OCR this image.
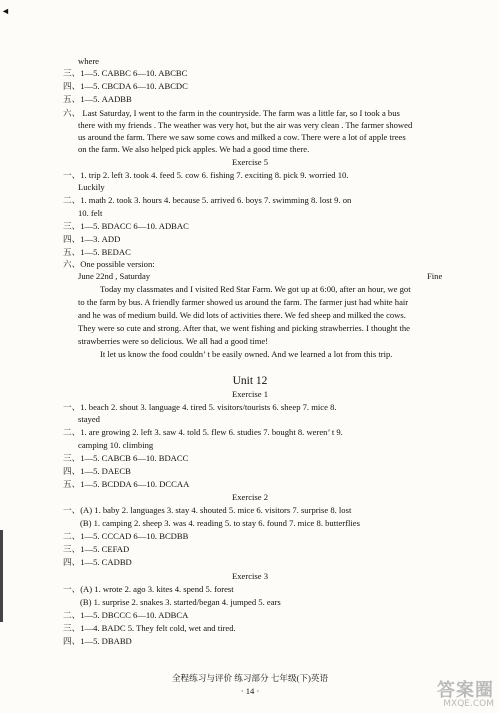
◄
where
三、1—5. CABBC 6—10. ABCBC
四、1—5. CBCDA 6—10. ABCDC
五、1—5. AADBB
六、 Last Saturday, I went to the farm in the countryside. The farm was a little far, so I took a bus
there with my friends . The weather was very hot, but the air was very clean . The farmer showed
us around the farm. There we saw some cows and milked a cow. There were a lot of apple trees
on the farm. We also helped pick apples. We had a good time there.
一、1. trip 2. left 3. took 4. feed 5. cow 6. fishing 7. exciting 8. pick 9. worried 10.
Luckily
二、1. math 2. took 3. hours 4. because 5. arrived 6. boys 7. swimming 8. lost 9. on
10. felt
三、1—5. BDACC 6—10. ADBAC
四、1—3. ADD
五、1—5. BEDAC
六、One possible version:
June 22nd , Saturday	Fine
Today my classmates and I visited Red Star Farm. We got up at 6:00, after an hour, we got
to the farm by bus. A friendly farmer showed us around the farm. The farmer just had white hair
and he was of medium build. We did lots of activities there. We fed sheep and milked the cows.
They were so cute and strong. After that, we went fishing and picking strawberries. I thought the
strawberries were so delicious. We all had a good time!
It let us know the food couldn’ t be easily owned. And we learned a lot from this trip.
一、1. beach 2. shout 3. language 4. tired 5. visitors/tourists 6. sheep 7. mice 8.
stayed
二、1. are growing 2. left 3. saw 4. told 5. flew 6. studies 7. bought 8. weren’ t 9.
camping 10. climbing
三、1—5. CABCB 6—10. BDACC
四、1—5. DAECB
五、1—5. BCDDA 6—10. DCCAA
一、(A) 1. baby 2. languages 3. stay 4. shouted 5. mice 6. visitors 7. surprise 8. lost
(B) 1. camping 2. sheep 3. was 4. reading 5. to stay 6. found 7. mice 8. butterflies
二、1—5. CCCAD 6—10. BCDBB
三、1—5. CEFAD
四、1—5. CADBD
一、(A) 1. wrote 2. ago 3. kites 4. spend 5. forest
(B) 1. surprise 2. snakes 3. started/began 4. jumped 5. ears
二、1—5. DBCCC 6—10. ADBCA
三、1—4. BADC 5. They felt cold, wet and tired.
四、1—5. DBABD
Exercise 5
Exercise 1
Exercise 2
Exercise 3
全程练习与评价 练习部分 七年级(下)英语
· 14 ·
Unit 12
答案圈
MXQE.COM
